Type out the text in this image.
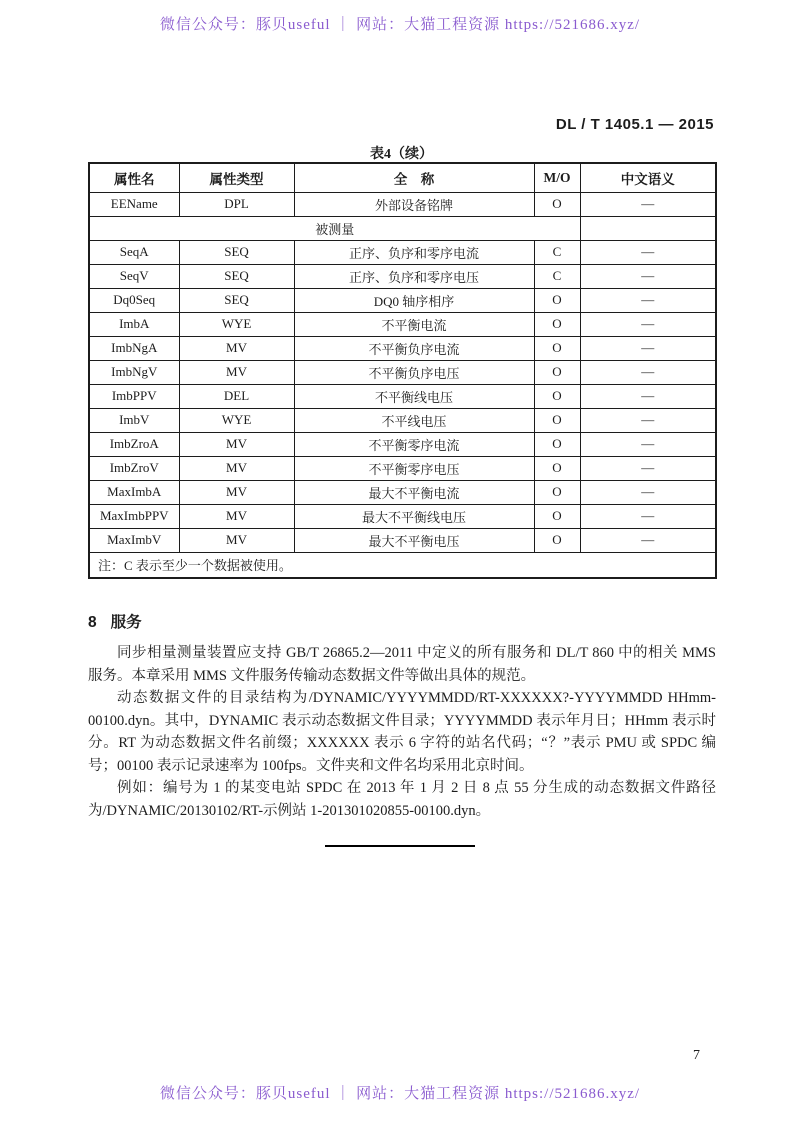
微信公众号：豚贝useful ｜ 网站：大猫工程资源 https://521686.xyz/
DL / T 1405.1 — 2015
表4（续）
属性名	属性类型	全　称	M/O	中文语义
EEName	DPL	外部设备铭牌	O	—
被测量				
SeqA	SEQ	正序、负序和零序电流	C	—
SeqV	SEQ	正序、负序和零序电压	C	—
Dq0Seq	SEQ	DQ0 轴序相序	O	—
ImbA	WYE	不平衡电流	O	—
ImbNgA	MV	不平衡负序电流	O	—
ImbNgV	MV	不平衡负序电压	O	—
ImbPPV	DEL	不平衡线电压	O	—
ImbV	WYE	不平线电压	O	—
ImbZroA	MV	不平衡零序电流	O	—
ImbZroV	MV	不平衡零序电压	O	—
MaxImbA	MV	最大不平衡电流	O	—
MaxImbPPV	MV	最大不平衡线电压	O	—
MaxImbV	MV	最大不平衡电压	O	—
注：C 表示至少一个数据被使用。				
8 服务

同步相量测量装置应支持 GB/T 26865.2—2011 中定义的所有服务和 DL/T 860 中的相关 MMS 服务。本章采用 MMS 文件服务传输动态数据文件等做出具体的规范。

动态数据文件的目录结构为/DYNAMIC/YYYYMMDD/RT-XXXXXX?-YYYYMMDD HHmm-00100.dyn。其中，DYNAMIC 表示动态数据文件目录；YYYYMMDD 表示年月日；HHmm 表示时分。RT 为动态数据文件名前缀；XXXXXX 表示 6 字符的站名代码；“？”表示 PMU 或 SPDC 编号；00100 表示记录速率为 100fps。文件夹和文件名均采用北京时间。

例如：编号为 1 的某变电站 SPDC 在 2013 年 1 月 2 日 8 点 55 分生成的动态数据文件路径为/DYNAMIC/20130102/RT-示例站 1-201301020855-00100.dyn。

7
微信公众号：豚贝useful ｜ 网站：大猫工程资源 https://521686.xyz/
